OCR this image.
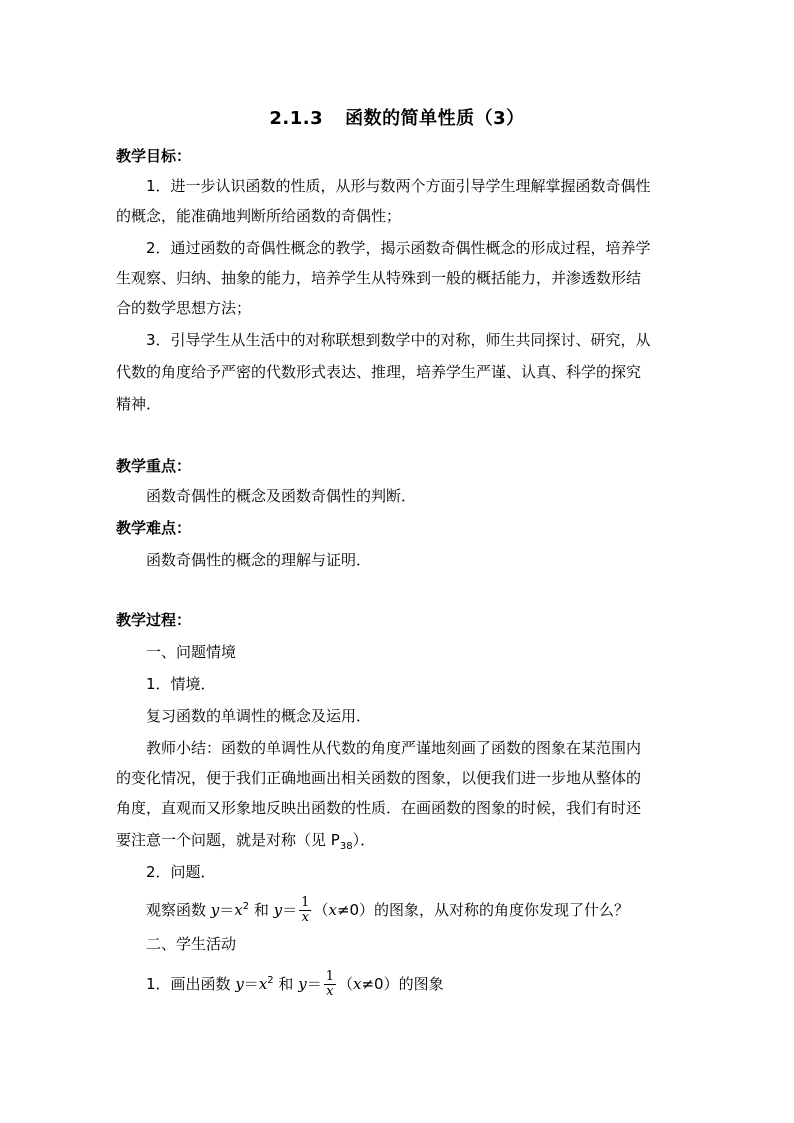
2.1.3 函数的简单性质（3）
教学目标：
1．进一步认识函数的性质，从形与数两个方面引导学生理解掌握函数奇偶性
的概念，能准确地判断所给函数的奇偶性；
2．通过函数的奇偶性概念的教学，揭示函数奇偶性概念的形成过程，培养学
生观察、归纳、抽象的能力，培养学生从特殊到一般的概括能力，并渗透数形结
合的数学思想方法；
3．引导学生从生活中的对称联想到数学中的对称，师生共同探讨、研究，从
代数的角度给予严密的代数形式表达、推理，培养学生严谨、认真、科学的探究
精神．
教学重点：
函数奇偶性的概念及函数奇偶性的判断．
教学难点：
函数奇偶性的概念的理解与证明．
教学过程：
一、问题情境
1．情境．
复习函数的单调性的概念及运用．
教师小结：函数的单调性从代数的角度严谨地刻画了函数的图象在某范围内
的变化情况，便于我们正确地画出相关函数的图象，以便我们进一步地从整体的
角度，直观而又形象地反映出函数的性质．在画函数的图象的时候，我们有时还
要注意一个问题，就是对称（见 $P_{38}$）．
2．问题．
观察函数 $y=x^2$ 和 $y= \frac{1}{x} (x\ne 0)$的图象，从对称的角度你发现了什么？
二、学生活动
1．画出函数 $y=x^2$ 和 $y= \frac{1}{x} (x\ne 0)$的图象
